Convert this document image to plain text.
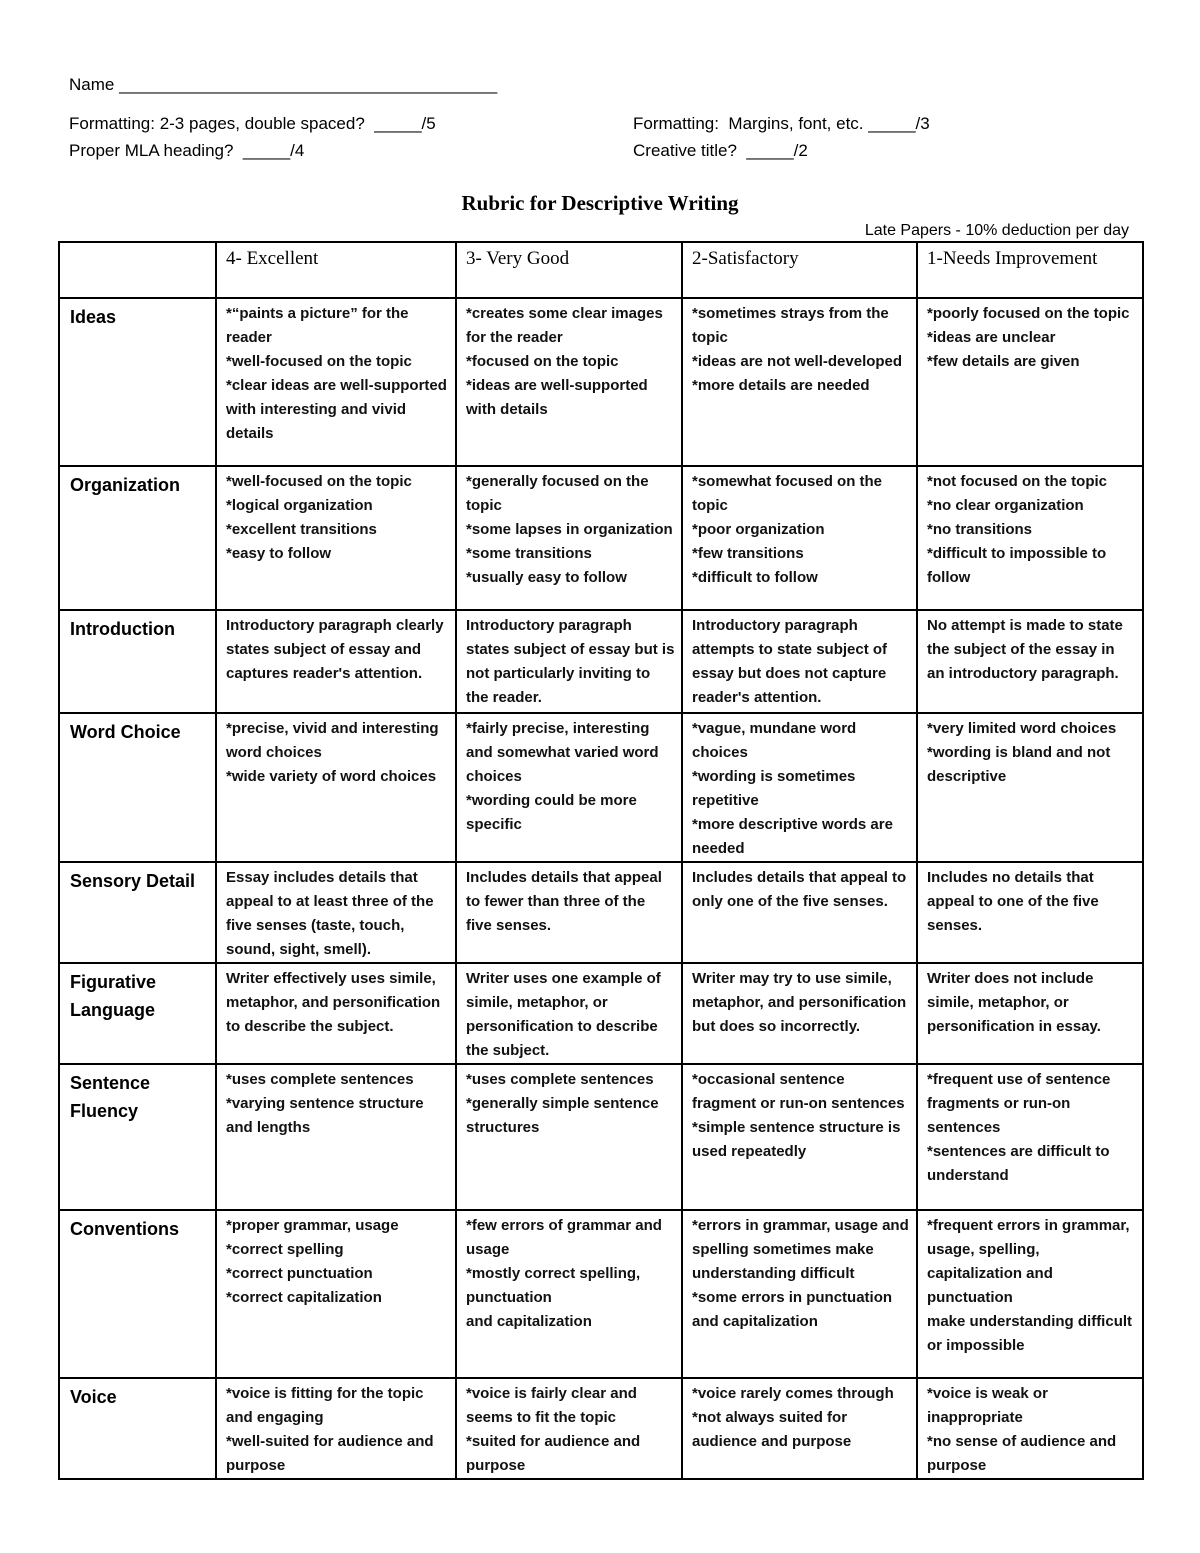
Name ________________________________________
Formatting: 2-3 pages, double spaced?  _____/5	Formatting:  Margins, font, etc. _____/3
Proper MLA heading?  _____/4	Creative title?  _____/2
Rubric for Descriptive Writing
Late Papers - 10% deduction per day
	4- Excellent	3- Very Good	2-Satisfactory	1-Needs Improvement
Ideas	*“paints a picture” for the reader
*well-focused on the topic
*clear ideas are well-supported with interesting and vivid details	*creates some clear images for the reader
*focused on the topic
*ideas are well-supported with details	*sometimes strays from the topic
*ideas are not well-developed
*more details are needed	*poorly focused on the topic
*ideas are unclear
*few details are given
Organization	*well-focused on the topic
*logical organization
*excellent transitions
*easy to follow	*generally focused on the topic
*some lapses in organization
*some transitions
*usually easy to follow	*somewhat focused on the topic
*poor organization
*few transitions
*difficult to follow	*not focused on the topic
*no clear organization
*no transitions
*difficult to impossible to follow
Introduction	Introductory paragraph clearly states subject of essay and captures reader's attention.	Introductory paragraph states subject of essay but is not particularly inviting to the reader.	Introductory paragraph attempts to state subject of essay but does not capture reader's attention.	No attempt is made to state the subject of the essay in an introductory paragraph.
Word Choice	*precise, vivid and interesting word choices
*wide variety of word choices	*fairly precise, interesting and somewhat varied word choices
*wording could be more specific	*vague, mundane word choices
*wording is sometimes repetitive
*more descriptive words are needed	*very limited word choices
*wording is bland and not descriptive
Sensory Detail	Essay includes details that appeal to at least three of the five senses (taste, touch, sound, sight, smell).	Includes details that appeal to fewer than three of the five senses.	Includes details that appeal to only one of the five senses.	Includes no details that appeal to one of the five senses.
Figurative Language	Writer effectively uses simile, metaphor, and personification to describe the subject.	Writer uses one example of simile, metaphor, or personification to describe the subject.	Writer may try to use simile, metaphor, and personification but does so incorrectly.	Writer does not include simile, metaphor, or personification in essay.
Sentence Fluency	*uses complete sentences
*varying sentence structure and lengths	*uses complete sentences
*generally simple sentence structures	*occasional sentence fragment or run-on sentences
*simple sentence structure is used repeatedly	*frequent use of sentence fragments or run-on sentences
*sentences are difficult to understand
Conventions	*proper grammar, usage
*correct spelling
*correct punctuation
*correct capitalization	*few errors of grammar and usage
*mostly correct spelling, punctuation
and capitalization	*errors in grammar, usage and spelling sometimes make understanding difficult
*some errors in punctuation and capitalization	*frequent errors in grammar, usage, spelling, capitalization and punctuation
make understanding difficult or impossible
Voice	*voice is fitting for the topic and engaging
*well-suited for audience and purpose	*voice is fairly clear and seems to fit the topic
*suited for audience and purpose	*voice rarely comes through
*not always suited for audience and purpose	*voice is weak or inappropriate
*no sense of audience and purpose
